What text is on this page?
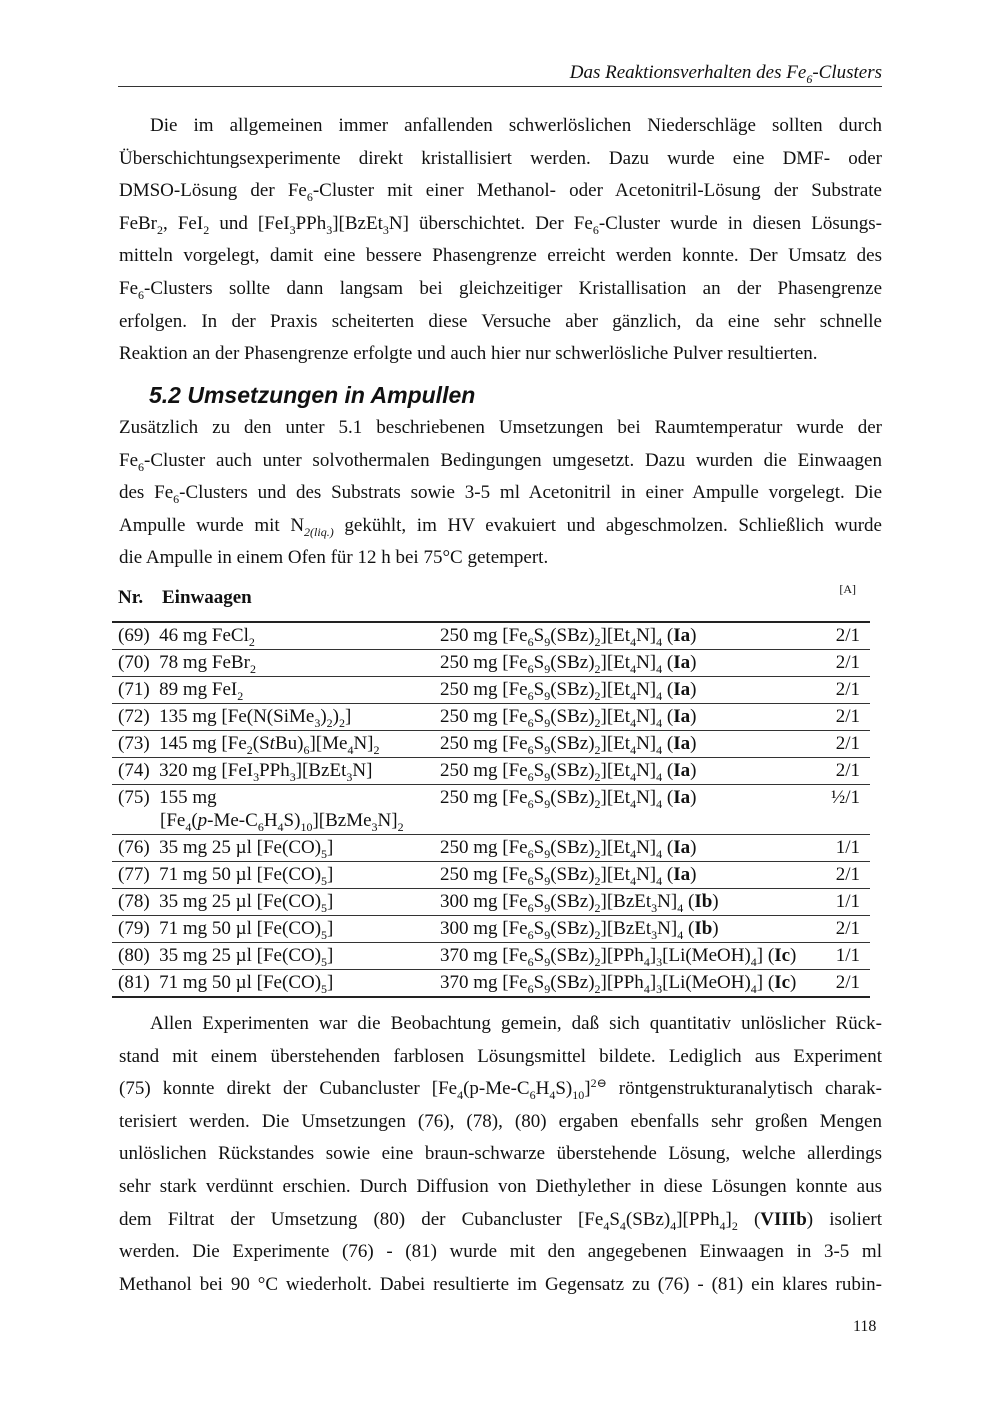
Das Reaktionsverhalten des $Fe_6$-Clusters
Die im allgemeinen immer anfallenden schwerlöslichen Niederschläge sollten durch
Überschichtungsexperimente direkt kristallisiert werden. Dazu wurde eine DMF- oder
DMSO-Lösung der $Fe_6$-Cluster mit einer Methanol- oder Acetonitril-Lösung der Substrate
FeBr$_2$, FeI$_2$ und [FeI$_3$PPh$_3$][BzEt$_3$N] überschichtet. Der $Fe_6$-Cluster wurde in diesen Lösungs-
mitteln vorgelegt, damit eine bessere Phasengrenze erreicht werden konnte. Der Umsatz des
$Fe_6$-Clusters sollte dann langsam bei gleichzeitiger Kristallisation an der Phasengrenze
erfolgen. In der Praxis scheiterten diese Versuche aber gänzlich, da eine sehr schnelle
Reaktion an der Phasengrenze erfolgte und auch hier nur schwerlösliche Pulver resultierten.
5.2 Umsetzungen in Ampullen
Zusätzlich zu den unter 5.1 beschriebenen Umsetzungen bei Raumtemperatur wurde der
$Fe_6$-Cluster auch unter solvothermalen Bedingungen umgesetzt. Dazu wurden die Einwaagen
des $Fe_6$-Clusters und des Substrats sowie 3-5 ml Acetonitril in einer Ampulle vorgelegt. Die
Ampulle wurde mit $N_{2(liq.)}$ gekühlt, im HV evakuiert und abgeschmolzen. Schließlich wurde
die Ampulle in einem Ofen für 12 h bei 75°C getempert.
Nr. Einwaagen	[A]
(69)  46 mg FeCl$_2$	250 mg $[Fe_6S_9(SBz)_2][Et_4N]_4$ (Ia)	2/1
(70)  78 mg FeBr$_2$	250 mg $[Fe_6S_9(SBz)_2][Et_4N]_4$ (Ia)	2/1
(71)  89 mg FeI$_2$	250 mg $[Fe_6S_9(SBz)_2][Et_4N]_4$ (Ia)	2/1
(72)  135 mg $[Fe(N(SiMe_3)_2)_2]$	250 mg $[Fe_6S_9(SBz)_2][Et_4N]_4$ (Ia)	2/1
(73)  145 mg $[Fe_2(StBu)_6][Me_4N]_2$	250 mg $[Fe_6S_9(SBz)_2][Et_4N]_4$ (Ia)	2/1
(74)  320 mg [FeI$_3$PPh$_3$][BzEt$_3$N]	250 mg $[Fe_6S_9(SBz)_2][Et_4N]_4$ (Ia)	2/1
(75)  155 mg
$[Fe_4(p-Me-C_6H_4S)_{10}][BzMe_3N]_2$	250 mg $[Fe_6S_9(SBz)_2][Et_4N]_4$ (Ia)	½/1
(76)  35 mg 25 µl $[Fe(CO)_5]$	250 mg $[Fe_6S_9(SBz)_2][Et_4N]_4$ (Ia)	1/1
(77)  71 mg 50 µl $[Fe(CO)_5]$	250 mg $[Fe_6S_9(SBz)_2][Et_4N]_4$ (Ia)	2/1
(78)  35 mg 25 µl $[Fe(CO)_5]$	300 mg $[Fe_6S_9(SBz)_2][BzEt_3N]_4$ (Ib)	1/1
(79)  71 mg 50 µl $[Fe(CO)_5]$	300 mg $[Fe_6S_9(SBz)_2][BzEt_3N]_4$ (Ib)	2/1
(80)  35 mg 25 µl $[Fe(CO)_5]$	370 mg $[Fe_6S_9(SBz)_2][PPh_4]_3[Li(MeOH)_4]$ (Ic)	1/1
(81)  71 mg 50 µl $[Fe(CO)_5]$	370 mg $[Fe_6S_9(SBz)_2][PPh_4]_3[Li(MeOH)_4]$ (Ic)	2/1
Allen Experimenten war die Beobachtung gemein, daß sich quantitativ unlöslicher Rück-
stand mit einem überstehenden farblosen Lösungsmittel bildete. Lediglich aus Experiment
(75) konnte direkt der Cubancluster $[Fe_4(p-Me-C_6H_4S)_{10}]^{2⊖}$ röntgenstrukturanalytisch charak-
terisiert werden. Die Umsetzungen (76), (78), (80) ergaben ebenfalls sehr großen Mengen
unlöslichen Rückstandes sowie eine braun-schwarze überstehende Lösung, welche allerdings
sehr stark verdünnt erschien. Durch Diffusion von Diethylether in diese Lösungen konnte aus
dem Filtrat der Umsetzung (80) der Cubancluster $[Fe_4S_4(SBz)_4][PPh_4]_2$ (VIIIb) isoliert
werden. Die Experimente (76) - (81) wurde mit den angegebenen Einwaagen in 3-5 ml
Methanol bei 90 °C wiederholt. Dabei resultierte im Gegensatz zu (76) - (81) ein klares rubin-
118
